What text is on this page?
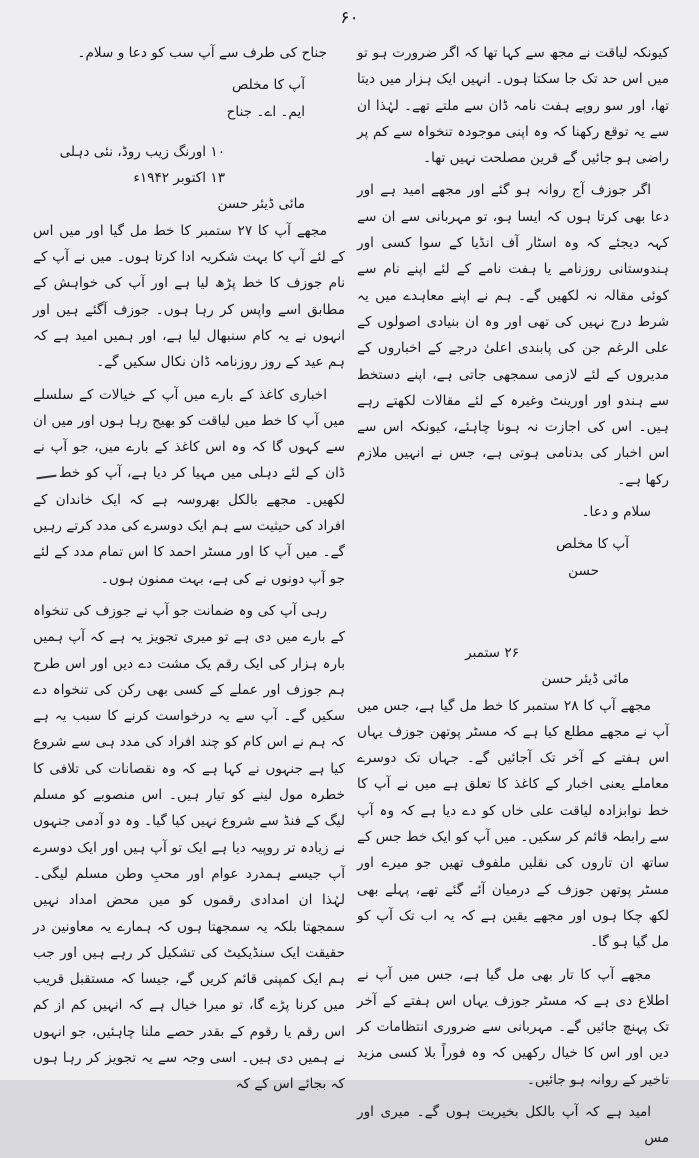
۶۰

کیونکہ لیاقت نے مجھ سے کہا تھا کہ اگر ضرورت ہو تو میں اس حد تک جا سکتا ہوں۔ انہیں ایک ہزار میں دیتا تھا، اور سو روپے ہفت نامہ ڈان سے ملتے تھے۔ لہٰذا ان سے یہ توقع رکھنا کہ وہ اپنی موجودہ تنخواہ سے کم پر راضی ہو جائیں گے قرین مصلحت نہیں تھا۔

اگر جوزف آج روانہ ہو گئے اور مجھے امید ہے اور دعا بھی کرتا ہوں کہ ایسا ہو، تو مہربانی سے ان سے کہہ دیجئے کہ وہ اسٹار آف انڈیا کے سوا کسی اور ہندوستانی روزنامے یا ہفت نامے کے لئے اپنے نام سے کوئی مقالہ نہ لکھیں گے۔ ہم نے اپنے معاہدے میں یہ شرط درج نہیں کی تھی اور وہ ان بنیادی اصولوں کے علی الرغم جن کی پابندی اعلیٰ درجے کے اخباروں کے مدیروں کے لئے لازمی سمجھی جاتی ہے، اپنے دستخط سے ہندو اور اورینٹ وغیرہ کے لئے مقالات لکھتے رہے ہیں۔ اس کی اجازت نہ ہونا چاہئے، کیونکہ اس سے اس اخبار کی بدنامی ہوتی ہے، جس نے انہیں ملازم رکھا ہے۔

سلام و دعا۔

آپ کا مخلص

حسن

۲۶ ستمبر

مائی ڈیئر حسن

مجھے آپ کا ۲۸ ستمبر کا خط مل گیا ہے، جس میں آپ نے مجھے مطلع کیا ہے کہ مسٹر پوتھن جوزف یہاں اس ہفتے کے آخر تک آجائیں گے۔ جہاں تک دوسرے معاملے یعنی اخبار کے کاغذ کا تعلق ہے میں نے آپ کا خط نوابزادہ لیاقت علی خاں کو دے دیا ہے کہ وہ آپ سے رابطہ قائم کر سکیں۔ میں آپ کو ایک خط جس کے ساتھ ان تاروں کی نقلیں ملفوف تھیں جو میرے اور مسٹر پوتھن جوزف کے درمیان آئے گئے تھے، پہلے بھی لکھ چکا ہوں اور مجھے یقین ہے کہ یہ اب تک آپ کو مل گیا ہو گا۔

مجھے آپ کا تار بھی مل گیا ہے، جس میں آپ نے اطلاع دی ہے کہ مسٹر جوزف یہاں اس ہفتے کے آخر تک پہنچ جائیں گے۔ مہربانی سے ضروری انتظامات کر دیں اور اس کا خیال رکھیں کہ وہ فوراً بلا کسی مزید تاخیر کے روانہ ہو جائیں۔

امید ہے کہ آپ بالکل بخیریت ہوں گے۔ میری اور مس

جناح کی طرف سے آپ سب کو دعا و سلام۔

آپ کا مخلص

ایم۔ اے۔ جناح

۱۰ اورنگ زیب روڈ، نئی دہلی

۱۳ اکتوبر ۱۹۴۲ء

مائی ڈیئر حسن

مجھے آپ کا ۲۷ ستمبر کا خط مل گیا اور میں اس کے لئے آپ کا بہت شکریہ ادا کرتا ہوں۔ میں نے آپ کے نام جوزف کا خط پڑھ لیا ہے اور آپ کی خواہش کے مطابق اسے واپس کر رہا ہوں۔ جوزف آگئے ہیں اور انہوں نے یہ کام سنبھال لیا ہے، اور ہمیں امید ہے کہ ہم عید کے روز روزنامہ ڈان نکال سکیں گے۔

اخباری کاغذ کے بارے میں آپ کے خیالات کے سلسلے میں آپ کا خط میں لیاقت کو بھیج رہا ہوں اور میں ان سے کہوں گا کہ وہ اس کاغذ کے بارے میں، جو آپ نے ڈان کے لئے دہلی میں مہیا کر دیا ہے، آپ کو خطلکھیں۔ مجھے بالکل بھروسہ ہے کہ ایک خاندان کے افراد کی حیثیت سے ہم ایک دوسرے کی مدد کرتے رہیں گے۔ میں آپ کا اور مسٹر احمد کا اس تمام مدد کے لئے جو آپ دونوں نے کی ہے، بہت ممنون ہوں۔

رہی آپ کی وہ ضمانت جو آپ نے جوزف کی تنخواہ کے بارے میں دی ہے تو میری تجویز یہ ہے کہ آپ ہمیں بارہ ہزار کی ایک رقم یک مشت دے دیں اور اس طرح ہم جوزف اور عملے کے کسی بھی رکن کی تنخواہ دے سکیں گے۔ آپ سے یہ درخواست کرنے کا سبب یہ ہے کہ ہم نے اس کام کو چند افراد کی مدد ہی سے شروع کیا ہے جنہوں نے کہا ہے کہ وہ نقصانات کی تلافی کا خطرہ مول لینے کو تیار ہیں۔ اس منصوبے کو مسلم لیگ کے فنڈ سے شروع نہیں کیا گیا۔ وہ دو آدمی جنہوں نے زیادہ تر روپیہ دیا ہے ایک تو آپ ہیں اور ایک دوسرے آپ جیسے ہمدرد عوام اور محبِ وطن مسلم لیگی۔ لہٰذا ان امدادی رقموں کو میں محض امداد نہیں سمجھتا بلکہ یہ سمجھتا ہوں کہ ہمارے یہ معاونین در حقیقت ایک سنڈیکیٹ کی تشکیل کر رہے ہیں اور جب ہم ایک کمپنی قائم کریں گے، جیسا کہ مستقبل قریب میں کرنا پڑے گا، تو میرا خیال ہے کہ انہیں کم از کم اس رقم یا رقوم کے بقدر حصے ملنا چاہئیں، جو انہوں نے ہمیں دی ہیں۔ اسی وجہ سے یہ تجویز کر رہا ہوں کہ بجائے اس کے کہ
